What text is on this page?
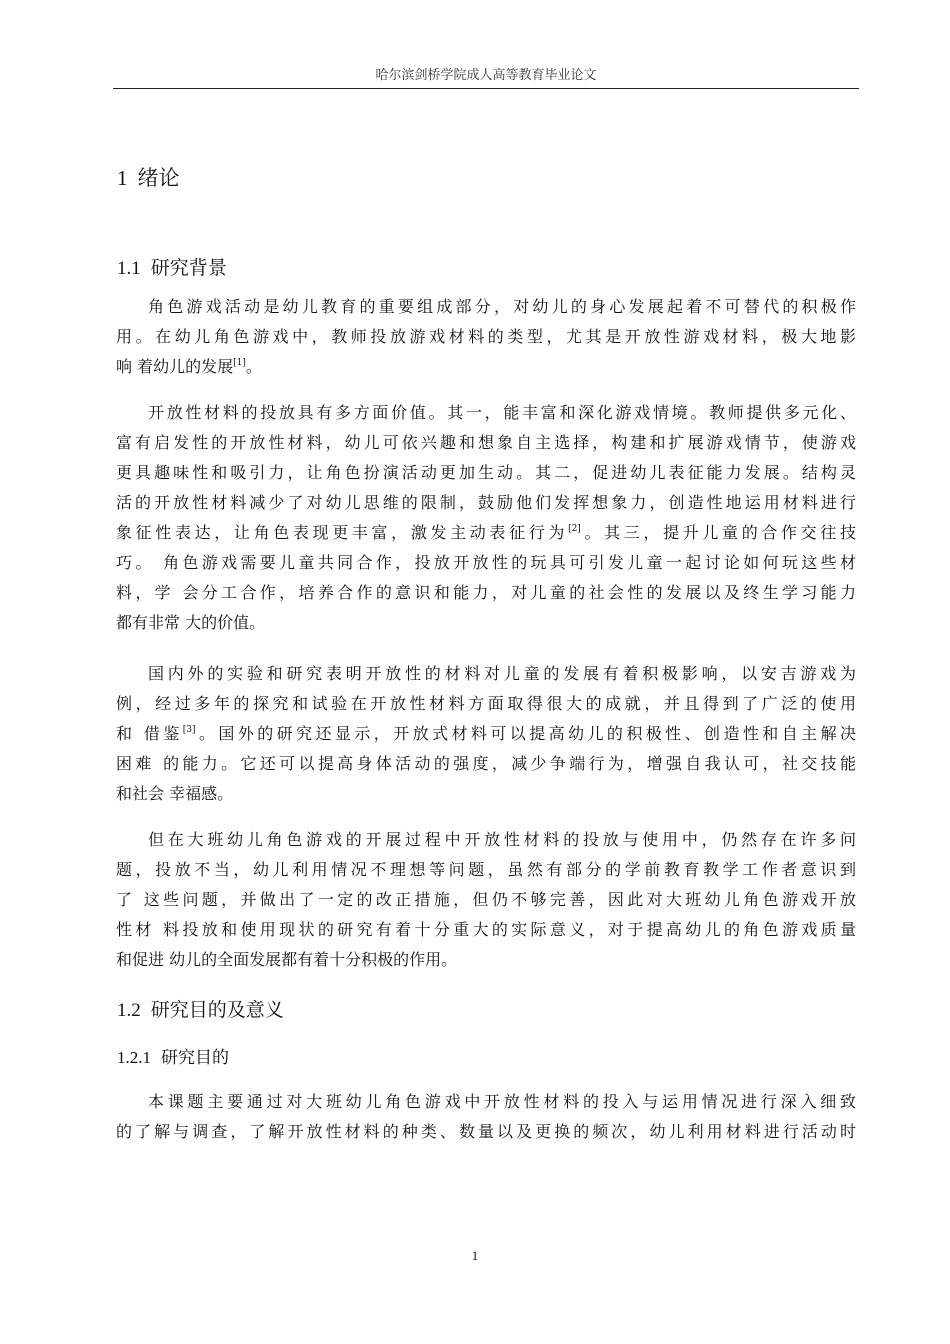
哈尔滨剑桥学院成人高等教育毕业论文
1 绪论
1.1 研究背景
角色游戏活动是幼儿教育的重要组成部分，对幼儿的身心发展起着不可替代的积极作
用。在幼儿角色游戏中，教师投放游戏材料的类型，尤其是开放性游戏材料，极大地影
响 着幼儿的发展[1]。
开放性材料的投放具有多方面价值。其一，能丰富和深化游戏情境。教师提供多元化、
富有启发性的开放性材料，幼儿可依兴趣和想象自主选择，构建和扩展游戏情节，使游戏
更具趣味性和吸引力，让角色扮演活动更加生动。其二，促进幼儿表征能力发展。结构灵
活的开放性材料减少了对幼儿思维的限制，鼓励他们发挥想象力，创造性地运用材料进行
象征性表达，让角色表现更丰富，激发主动表征行为[2]。其三，提升儿童的合作交往技
巧。 角色游戏需要儿童共同合作，投放开放性的玩具可引发儿童一起讨论如何玩这些材
料，学 会分工合作，培养合作的意识和能力，对儿童的社会性的发展以及终生学习能力
都有非常 大的价值。
国内外的实验和研究表明开放性的材料对儿童的发展有着积极影响，以安吉游戏为
例，经过多年的探究和试验在开放性材料方面取得很大的成就，并且得到了广泛的使用
和 借鉴[3]。国外的研究还显示，开放式材料可以提高幼儿的积极性、创造性和自主解决
困难 的能力。它还可以提高身体活动的强度，减少争端行为，增强自我认可，社交技能
和社会 幸福感。
但在大班幼儿角色游戏的开展过程中开放性材料的投放与使用中，仍然存在许多问
题，投放不当，幼儿利用情况不理想等问题，虽然有部分的学前教育教学工作者意识到
了 这些问题，并做出了一定的改正措施，但仍不够完善，因此对大班幼儿角色游戏开放
性材 料投放和使用现状的研究有着十分重大的实际意义，对于提高幼儿的角色游戏质量
和促进 幼儿的全面发展都有着十分积极的作用。
1.2 研究目的及意义
1.2.1 研究目的
本课题主要通过对大班幼儿角色游戏中开放性材料的投入与运用情况进行深入细致
的了解与调查，了解开放性材料的种类、数量以及更换的频次，幼儿利用材料进行活动时
1
